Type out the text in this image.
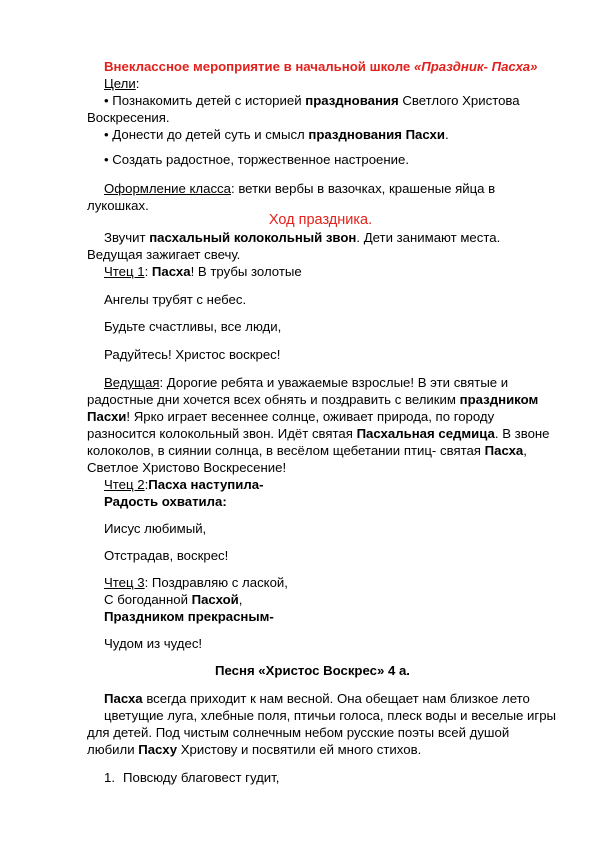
Внеклассное мероприятие в начальной школе «Праздник- Пасха»
Цели:
• Познакомить детей с историей празднования Светлого Христова
Воскресения.
• Донести до детей суть и смысл празднования Пасхи.
• Создать радостное, торжественное настроение.
Оформление класса: ветки вербы в вазочках, крашеные яйца в
лукошках.
Ход праздника.
Звучит пасхальный колокольный звон. Дети занимают места.
Ведущая зажигает свечу.
Чтец 1: Пасха! В трубы золотые
Ангелы трубят с небес.
Будьте счастливы, все люди,
Радуйтесь! Христос воскрес!
Ведущая: Дорогие ребята и уважаемые взрослые! В эти святые и
радостные дни хочется всех обнять и поздравить с великим праздником
Пасхи! Ярко играет весеннее солнце, оживает природа, по городу
разносится колокольный звон. Идёт святая Пасхальная седмица. В звоне
колоколов, в сиянии солнца, в весёлом щебетании птиц- святая Пасха,
Светлое Христово Воскресение!
Чтец 2:Пасха наступила-
Радость охватила:
Иисус любимый,
Отстрадав, воскрес!
Чтец 3: Поздравляю с лаской,
С богоданной Пасхой,
Праздником прекрасным-
Чудом из чудес!
Песня «Христос Воскрес» 4 а.
Пасха всегда приходит к нам весной. Она обещает нам близкое лето
цветущие луга, хлебные поля, птичьи голоса, плеск воды и веселые игры
для детей. Под чистым солнечным небом русские поэты всей душой
любили Пасху Христову и посвятили ей много стихов.
1. Повсюду благовест гудит,
